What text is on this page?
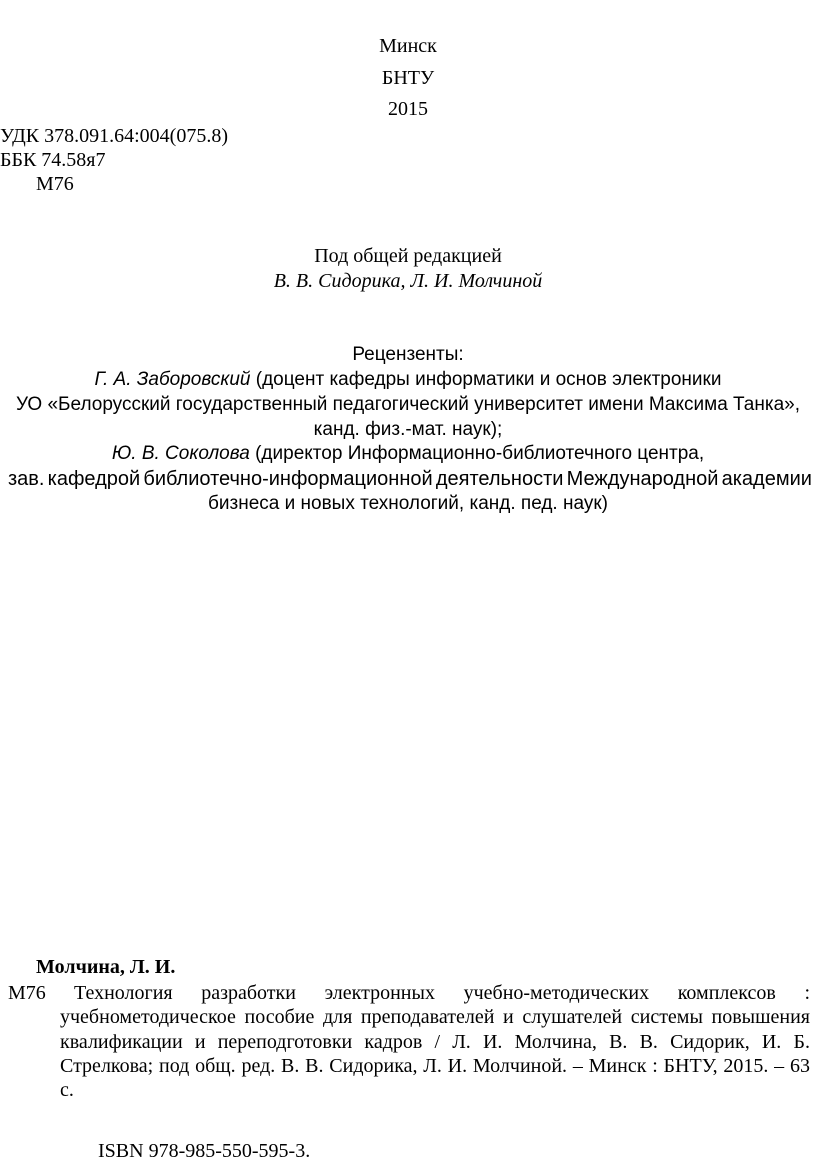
Минск
БНТУ
2015
УДК 378.091.64:004(075.8)
ББК 74.58я7
М76
Под общей редакцией
В. В. Сидорика, Л. И. Молчиной
Рецензенты:
Г. А. Заборовский (доцент кафедры информатики и основ электроники
УО «Белорусский государственный педагогический университет имени Максима Танка»,
канд. физ.-мат. наук);
Ю. В. Соколова (директор Информационно-библиотечного центра,
зав. кафедрой библиотечно-информационной деятельности Международной академии
бизнеса и новых технологий, канд. пед. наук)
Молчина, Л. И.
М76 Технология разработки электронных учебно-методических комплексов :
учебнометодическое пособие для преподавателей и слушателей системы повышения
квалификации и переподготовки кадров / Л. И. Молчина, В. В. Сидорик, И. Б.
Стрелкова; под общ. ред. В. В. Сидорика, Л. И. Молчиной. – Минск : БНТУ, 2015. – 63
с.
ISBN 978-985-550-595-3.
